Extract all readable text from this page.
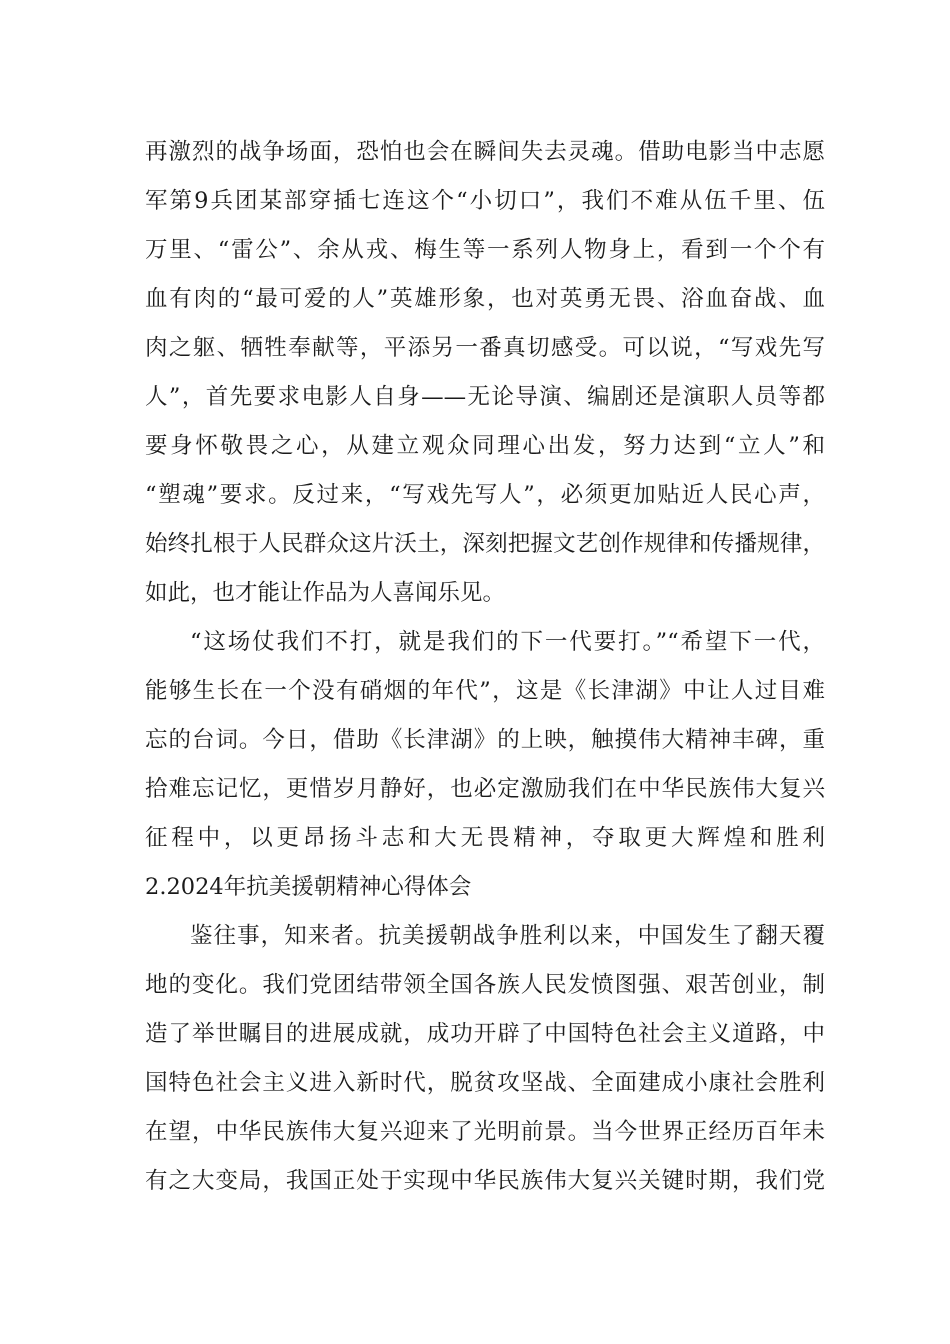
再激烈的战争场面，恐怕也会在瞬间失去灵魂。借助电影当中志愿
军第9兵团某部穿插七连这个“小切口”，我们不难从伍千里、伍
万里、“雷公”、余从戎、梅生等一系列人物身上，看到一个个有
血有肉的“最可爱的人”英雄形象，也对英勇无畏、浴血奋战、血
肉之躯、牺牲奉献等，平添另一番真切感受。可以说，“写戏先写
人”，首先要求电影人自身——无论导演、编剧还是演职人员等都
要身怀敬畏之心，从建立观众同理心出发，努力达到“立人”和
“塑魂”要求。反过来，“写戏先写人”，必须更加贴近人民心声，
始终扎根于人民群众这片沃土，深刻把握文艺创作规律和传播规律，
如此，也才能让作品为人喜闻乐见。
“这场仗我们不打，就是我们的下一代要打。”“希望下一代，
能够生长在一个没有硝烟的年代”，这是《长津湖》中让人过目难
忘的台词。今日，借助《长津湖》的上映，触摸伟大精神丰碑，重
拾难忘记忆，更惜岁月静好，也必定激励我们在中华民族伟大复兴
征程中，以更昂扬斗志和大无畏精神，夺取更大辉煌和胜利
2.2024年抗美援朝精神心得体会
鉴往事，知来者。抗美援朝战争胜利以来，中国发生了翻天覆
地的变化。我们党团结带领全国各族人民发愤图强、艰苦创业，制
造了举世瞩目的进展成就，成功开辟了中国特色社会主义道路，中
国特色社会主义进入新时代，脱贫攻坚战、全面建成小康社会胜利
在望，中华民族伟大复兴迎来了光明前景。当今世界正经历百年未
有之大变局，我国正处于实现中华民族伟大复兴关键时期，我们党
